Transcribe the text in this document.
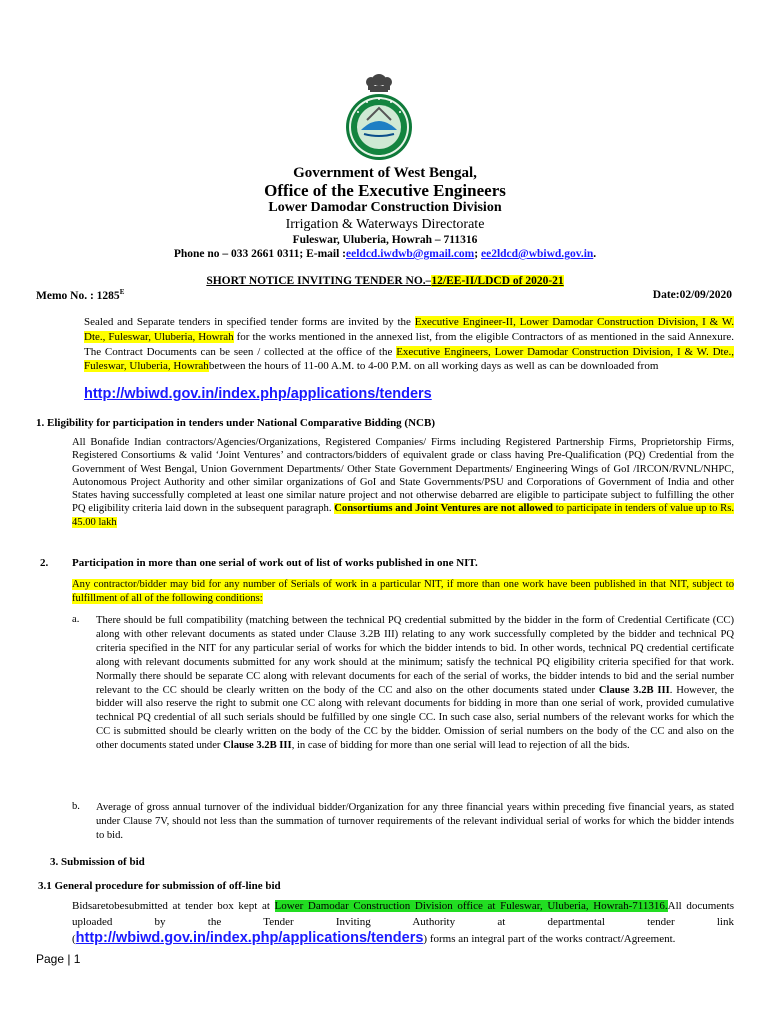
Government of West Bengal,
Office of the Executive Engineers
Lower Damodar Construction Division
Irrigation & Waterways Directorate
Fuleswar, Uluberia, Howrah – 711316
Phone no – 033 2661 0311; E-mail :eeldcd.iwdwb@gmail.com; ee2ldcd@wbiwd.gov.in.
SHORT NOTICE INVITING TENDER NO.–12/EE-II/LDCD of 2020-21
Memo No. : $1285^E$	Date:02/09/2020
Sealed and Separate tenders in specified tender forms are invited by the Executive Engineer-II, Lower Damodar Construction Division, I & W. Dte., Fuleswar, Uluberia, Howrah for the works mentioned in the annexed list, from the eligible Contractors of as mentioned in the said Annexure. The Contract Documents can be seen / collected at the office of the Executive Engineers, Lower Damodar Construction Division, I & W. Dte., Fuleswar, Uluberia, Howrahbetween the hours of 11-00 A.M. to 4-00 P.M. on all working days as well as can be downloaded from
http://wbiwd.gov.in/index.php/applications/tenders
1. Eligibility for participation in tenders under National Comparative Bidding (NCB)
All Bonafide Indian contractors/Agencies/Organizations, Registered Companies/ Firms including Registered Partnership Firms, Proprietorship Firms, Registered Consortiums & valid ‘Joint Ventures’ and contractors/bidders of equivalent grade or class having Pre-Qualification (PQ) Credential from the Government of West Bengal, Union Government Departments/ Other State Government Departments/ Engineering Wings of GoI /IRCON/RVNL/NHPC, Autonomous Project Authority and other similar organizations of GoI and State Governments/PSU and Corporations of Government of India and other States having successfully completed at least one similar nature project and not otherwise debarred are eligible to participate subject to fulfilling the other PQ eligibility criteria laid down in the subsequent paragraph. Consortiums and Joint Ventures are not allowed to participate in tenders of value up to Rs. 45.00 lakh
2. Participation in more than one serial of work out of list of works published in one NIT.
Any contractor/bidder may bid for any number of Serials of work in a particular NIT, if more than one work have been published in that NIT, subject to fulfillment of all of the following conditions:
a. There should be full compatibility (matching between the technical PQ credential submitted by the bidder in the form of Credential Certificate (CC) along with other relevant documents as stated under Clause 3.2B III) relating to any work successfully completed by the bidder and technical PQ criteria specified in the NIT for any particular serial of works for which the bidder intends to bid. In other words, technical PQ credential certificate along with relevant documents submitted for any work should at the minimum; satisfy the technical PQ eligibility criteria specified for that work. Normally there should be separate CC along with relevant documents for each of the serial of works, the bidder intends to bid and the serial number relevant to the CC should be clearly written on the body of the CC and also on the other documents stated under Clause 3.2B III. However, the bidder will also reserve the right to submit one CC along with relevant documents for bidding in more than one serial of work, provided cumulative technical PQ credential of all such serials should be fulfilled by one single CC. In such case also, serial numbers of the relevant works for which the CC is submitted should be clearly written on the body of the CC by the bidder. Omission of serial numbers on the body of the CC and also on the other documents stated under Clause 3.2B III, in case of bidding for more than one serial will lead to rejection of all the bids.
b. Average of gross annual turnover of the individual bidder/Organization for any three financial years within preceding five financial years, as stated under Clause 7V, should not less than the summation of turnover requirements of the relevant individual serial of works for which the bidder intends to bid.
3. Submission of bid
3.1 General procedure for submission of off-line bid
Bidsaretobesubmitted at tender box kept at Lower Damodar Construction Division office at Fuleswar, Uluberia, Howrah-711316.All documents uploaded by the Tender Inviting Authority at departmental tender link (http://wbiwd.gov.in/index.php/applications/tenders) forms an integral part of the works contract/Agreement.
Page | 1
